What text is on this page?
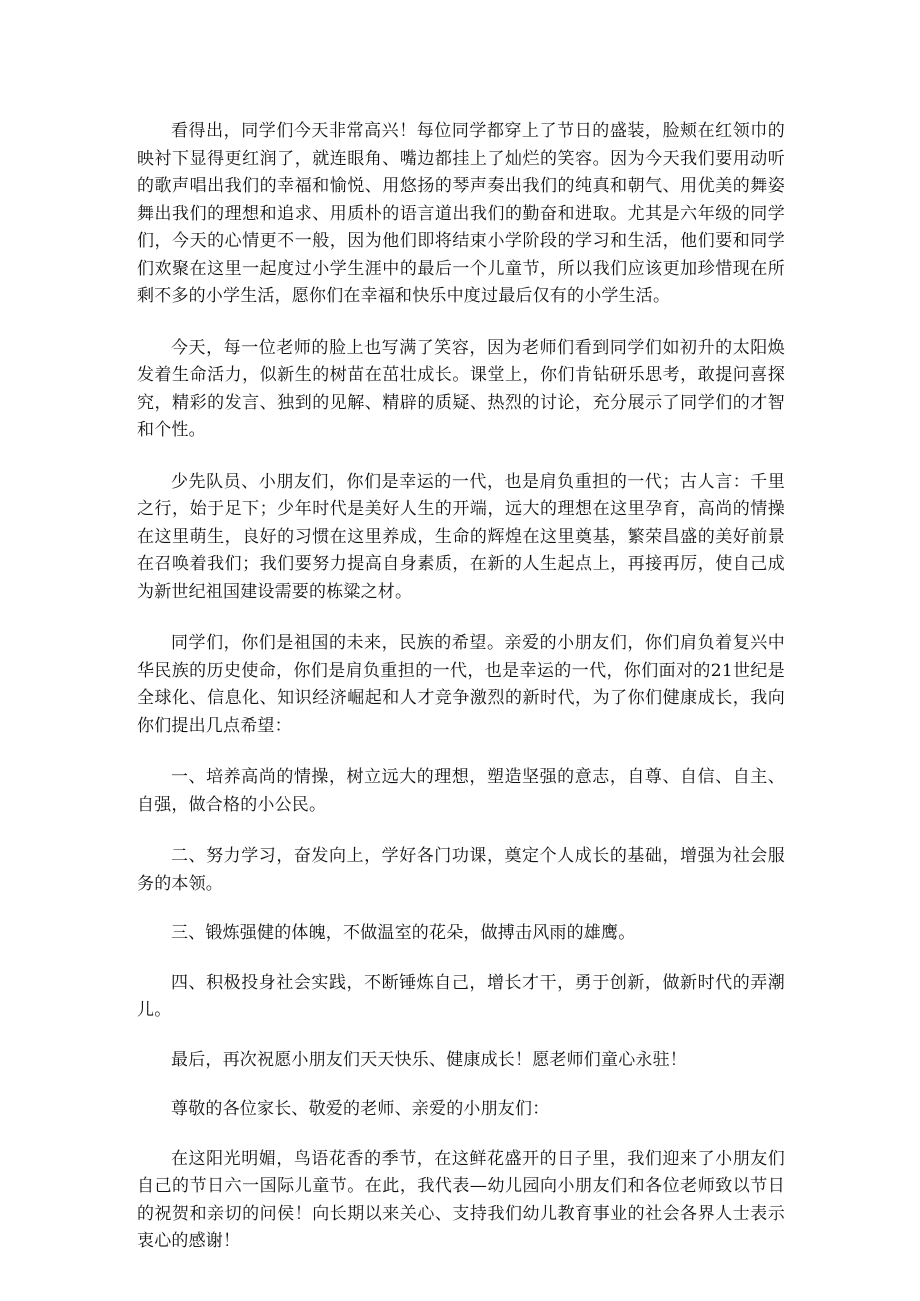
看得出，同学们今天非常高兴！每位同学都穿上了节日的盛装，脸颊在红领巾的映衬下显得更红润了，就连眼角、嘴边都挂上了灿烂的笑容。因为今天我们要用动听的歌声唱出我们的幸福和愉悦、用悠扬的琴声奏出我们的纯真和朝气、用优美的舞姿舞出我们的理想和追求、用质朴的语言道出我们的勤奋和进取。尤其是六年级的同学们，今天的心情更不一般，因为他们即将结束小学阶段的学习和生活，他们要和同学们欢聚在这里一起度过小学生涯中的最后一个儿童节，所以我们应该更加珍惜现在所剩不多的小学生活，愿你们在幸福和快乐中度过最后仅有的小学生活。

今天，每一位老师的脸上也写满了笑容，因为老师们看到同学们如初升的太阳焕发着生命活力，似新生的树苗在茁壮成长。课堂上，你们肯钻研乐思考，敢提问喜探究，精彩的发言、独到的见解、精辟的质疑、热烈的讨论，充分展示了同学们的才智和个性。

少先队员、小朋友们，你们是幸运的一代，也是肩负重担的一代；古人言：千里之行，始于足下；少年时代是美好人生的开端，远大的理想在这里孕育，高尚的情操在这里萌生，良好的习惯在这里养成，生命的辉煌在这里奠基，繁荣昌盛的美好前景在召唤着我们；我们要努力提高自身素质，在新的人生起点上，再接再厉，使自己成为新世纪祖国建设需要的栋粱之材。

同学们，你们是祖国的未来，民族的希望。亲爱的小朋友们，你们肩负着复兴中华民族的历史使命，你们是肩负重担的一代，也是幸运的一代，你们面对的21世纪是全球化、信息化、知识经济崛起和人才竞争激烈的新时代，为了你们健康成长，我向你们提出几点希望：

一、培养高尚的情操，树立远大的理想，塑造坚强的意志，自尊、自信、自主、自强，做合格的小公民。

二、努力学习，奋发向上，学好各门功课，奠定个人成长的基础，增强为社会服务的本领。

三、锻炼强健的体魄，不做温室的花朵，做搏击风雨的雄鹰。

四、积极投身社会实践，不断锤炼自己，增长才干，勇于创新，做新时代的弄潮儿。

最后，再次祝愿小朋友们天天快乐、健康成长！愿老师们童心永驻！

尊敬的各位家长、敬爱的老师、亲爱的小朋友们：

在这阳光明媚，鸟语花香的季节，在这鲜花盛开的日子里，我们迎来了小朋友们自己的节日六一国际儿童节。在此，我代表—幼儿园向小朋友们和各位老师致以节日的祝贺和亲切的问侯！向长期以来关心、支持我们幼儿教育事业的社会各界人士表示衷心的感谢！
